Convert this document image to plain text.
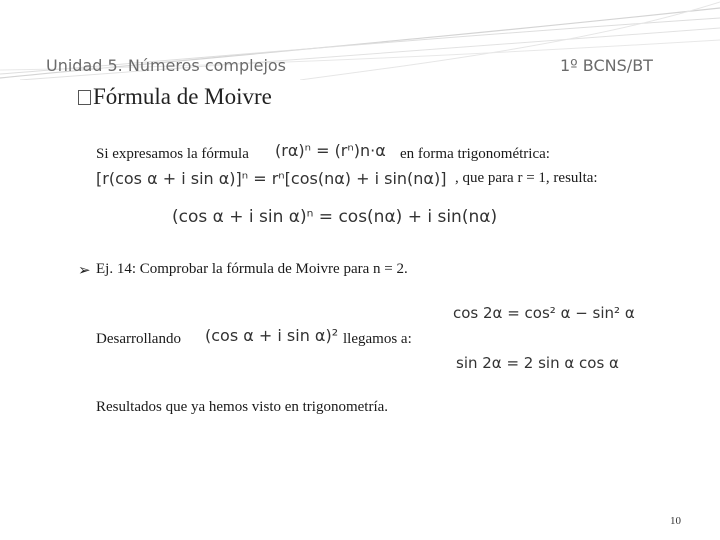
Unidad 5. Números complejos	1º BCNS/BT
Fórmula de Moivre
Si expresamos la fórmula (rα)ⁿ = (rⁿ)n·α en forma trigonométrica:
[r(cos α + i sin α)]ⁿ = rⁿ[cos(nα) + i sin(nα)] , que para r = 1, resulta:
(cos α + i sin α)ⁿ = cos(nα) + i sin(nα)
➢ Ej. 14: Comprobar la fórmula de Moivre para n = 2.
Desarrollando (cos α + i sin α)² llegamos a:
cos 2α = cos² α − sin² α
sin 2α = 2 sin α cos α
Resultados que ya hemos visto en trigonometría.
10
